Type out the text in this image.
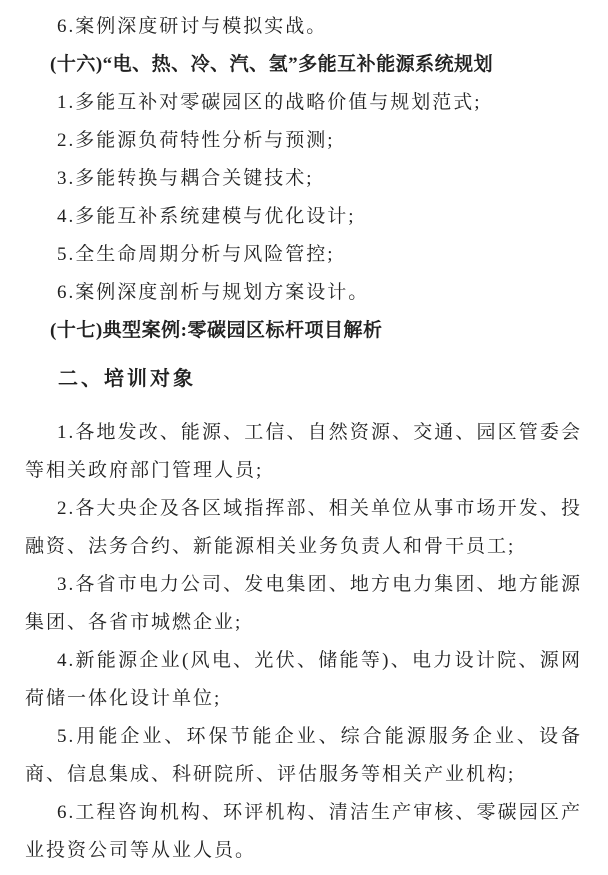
6.案例深度研讨与模拟实战。

(十六)“电、热、冷、汽、氢”多能互补能源系统规划

1.多能互补对零碳园区的战略价值与规划范式;

2.多能源负荷特性分析与预测;

3.多能转换与耦合关键技术;

4.多能互补系统建模与优化设计;

5.全生命周期分析与风险管控;

6.案例深度剖析与规划方案设计。

(十七)典型案例:零碳园区标杆项目解析

二、培训对象

1.各地发改、能源、工信、自然资源、交通、园区管委会等相关政府部门管理人员;

2.各大央企及各区域指挥部、相关单位从事市场开发、投融资、法务合约、新能源相关业务负责人和骨干员工;

3.各省市电力公司、发电集团、地方电力集团、地方能源集团、各省市城燃企业;

4.新能源企业(风电、光伏、储能等)、电力设计院、源网荷储一体化设计单位;

5.用能企业、环保节能企业、综合能源服务企业、设备商、信息集成、科研院所、评估服务等相关产业机构;

6.工程咨询机构、环评机构、清洁生产审核、零碳园区产业投资公司等从业人员。
